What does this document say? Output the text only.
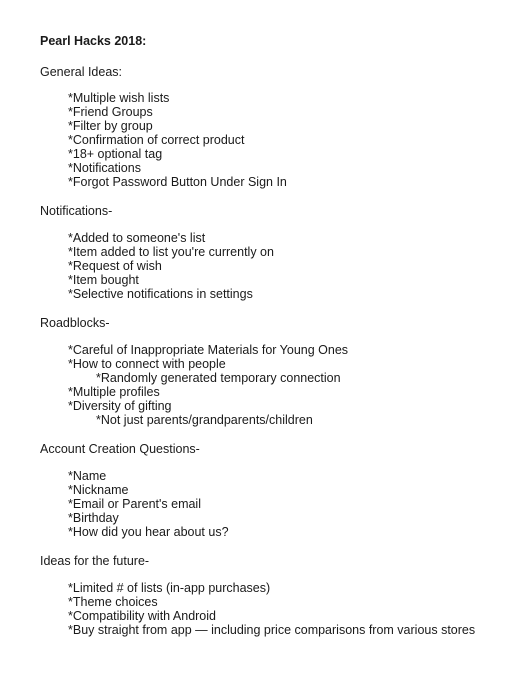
Pearl Hacks 2018:
General Ideas:
*Multiple wish lists
*Friend Groups
*Filter by group
*Confirmation of correct product
*18+ optional tag
*Notifications
*Forgot Password Button Under Sign In
Notifications-
*Added to someone's list
*Item added to list you're currently on
*Request of wish
*Item bought
*Selective notifications in settings
Roadblocks-
*Careful of Inappropriate Materials for Young Ones
*How to connect with people
*Randomly generated temporary connection
*Multiple profiles
*Diversity of gifting
*Not just parents/grandparents/children
Account Creation Questions-
*Name
*Nickname
*Email or Parent's email
*Birthday
*How did you hear about us?
Ideas for the future-
*Limited # of lists (in-app purchases)
*Theme choices
*Compatibility with Android
*Buy straight from app — including price comparisons from various stores
